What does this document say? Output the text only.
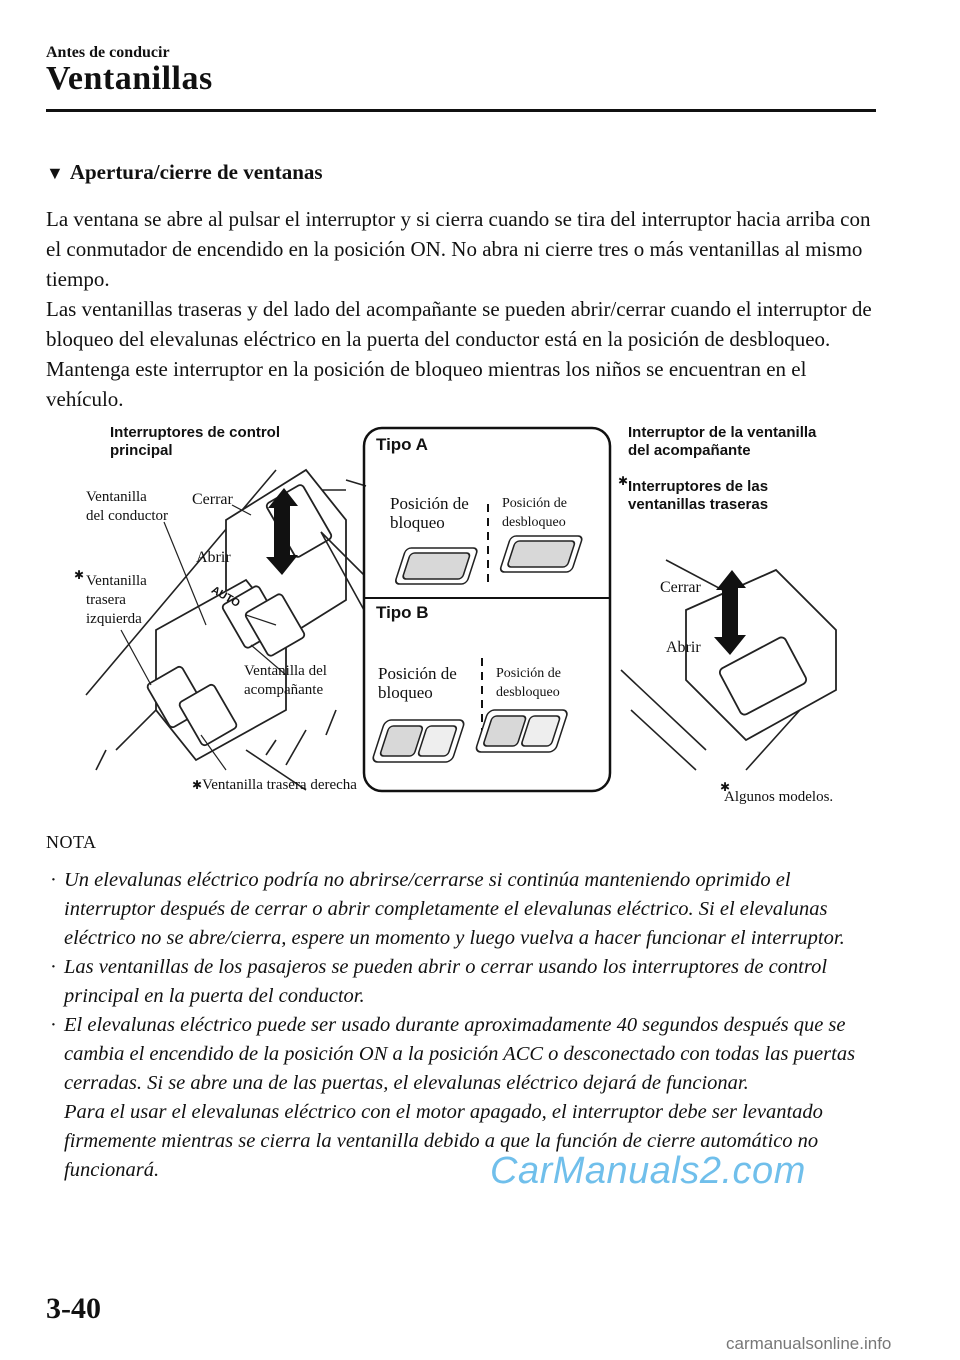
Antes de conducir
Ventanillas
▼ Apertura/cierre de ventanas

La ventana se abre al pulsar el interruptor y si cierra cuando se tira del interruptor hacia arriba con el conmutador de encendido en la posición ON. No abra ni cierre tres o más ventanillas al mismo tiempo.

Las ventanillas traseras y del lado del acompañante se pueden abrir/cerrar cuando el interruptor de bloqueo del elevalunas eléctrico en la puerta del conductor está en la posición de desbloqueo. Mantenga este interruptor en la posición de bloqueo mientras los niños se encuentran en el vehículo.

Interruptores de control
principal
Ventanilla
del conductor
Cerrar
Abrir
AUTO
✱ Ventanilla
trasera
izquierda
Ventanilla del
acompañante
✱Ventanilla trasera derecha
Tipo A
Posición de
bloqueo
Posición de
desbloqueo
Tipo B
Posición de
bloqueo
Posición de
desbloqueo
Interruptor de la ventanilla
del acompañante
✱ Interruptores de las
ventanillas traseras
Cerrar
Abrir
✱
Algunos modelos.
NOTA
· Un elevalunas eléctrico podría no abrirse/cerrarse si continúa manteniendo oprimido el interruptor después de cerrar o abrir completamente el elevalunas eléctrico. Si el elevalunas eléctrico no se abre/cierra, espere un momento y luego vuelva a hacer funcionar el interruptor.

· Las ventanillas de los pasajeros se pueden abrir o cerrar usando los interruptores de control principal en la puerta del conductor.

· El elevalunas eléctrico puede ser usado durante aproximadamente 40 segundos después que se cambia el encendido de la posición ON a la posición ACC o desconectado con todas las puertas cerradas. Si se abre una de las puertas, el elevalunas eléctrico dejará de funcionar.

Para el usar el elevalunas eléctrico con el motor apagado, el interruptor debe ser levantado firmemente mientras se cierra la ventanilla debido a que la función de cierre automático no funcionará.	CarManuals2.com
3-40
carmanualsonline.info
